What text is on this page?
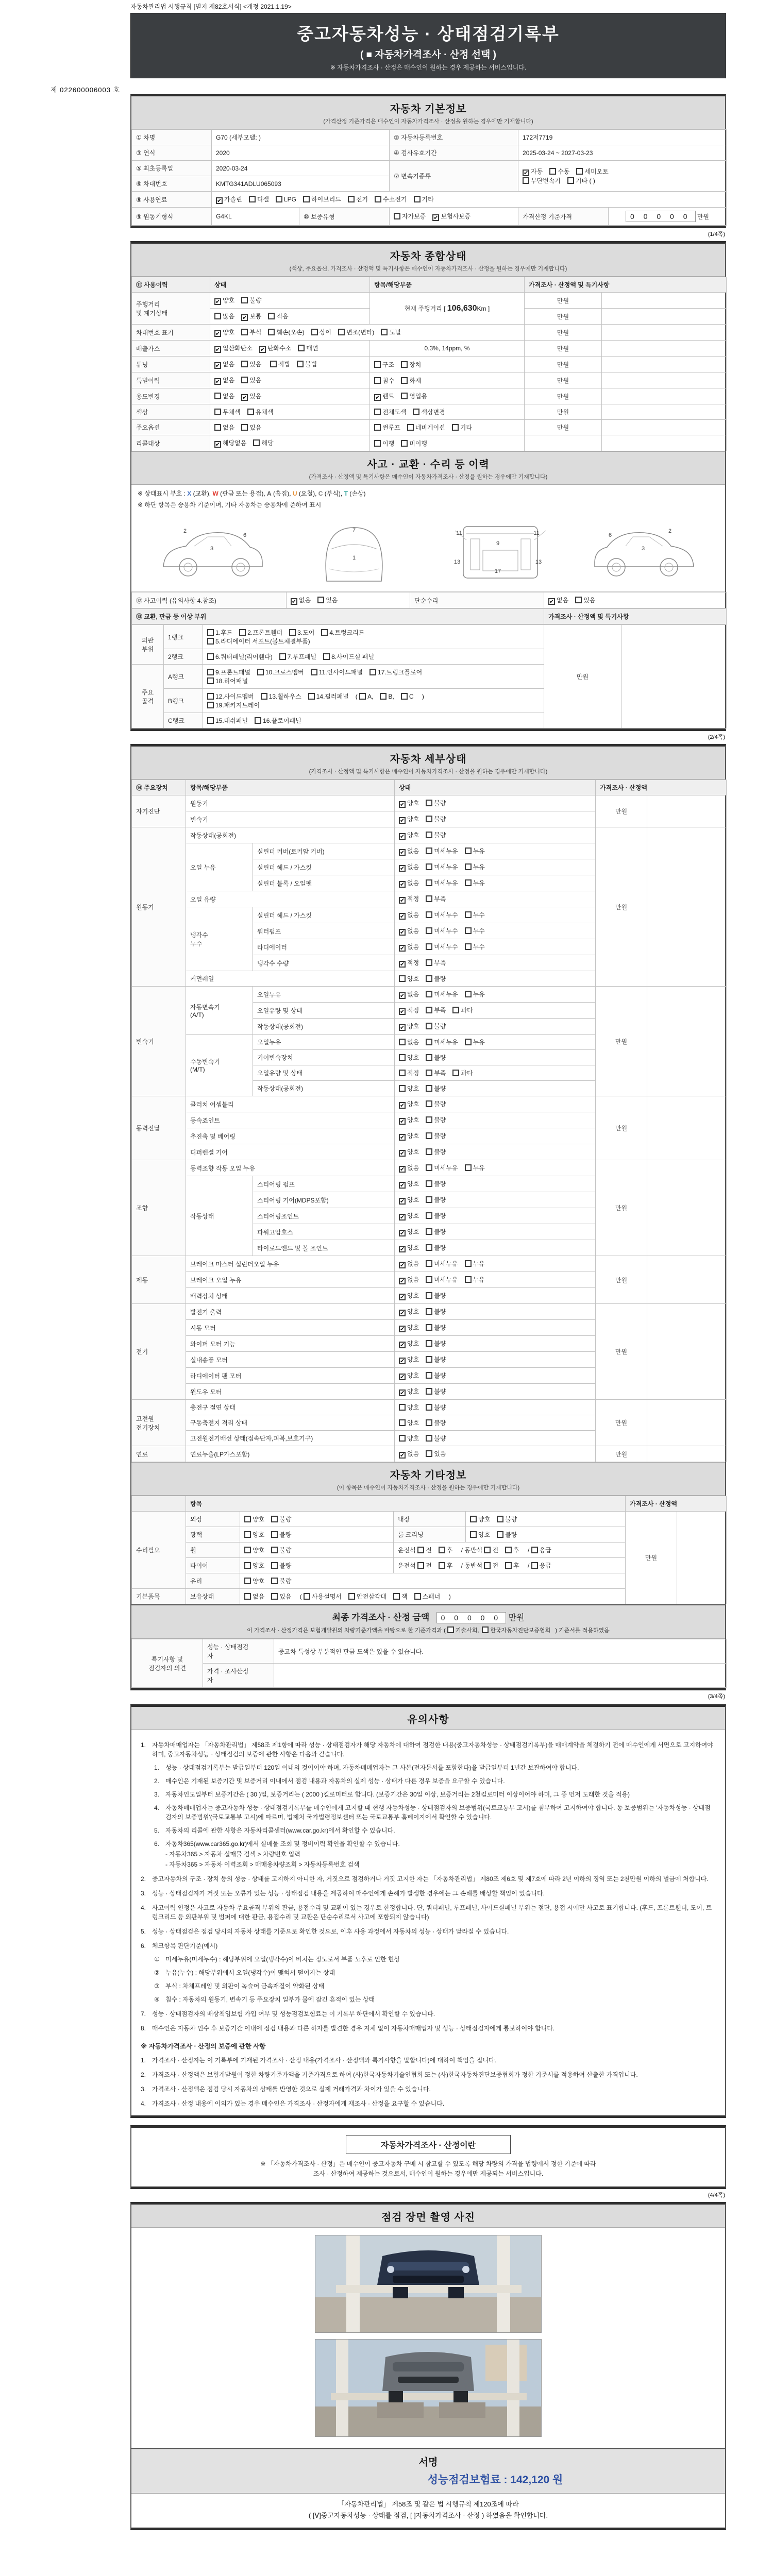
자동차관리법 시행규칙 [별지 제82호서식] <개정 2021.1.19>
제 022600006003 호
중고자동차성능 · 상태점검기록부
( ■ 자동차가격조사 · 산정 선택 )
※ 자동차가격조사 · 산정은 매수인이 원하는 경우 제공하는 서비스입니다.
자동차 기본정보
(가격산정 기준가격은 매수인이 자동차가격조사 · 산정을 원하는 경우에만 기재합니다)
① 차명	G70 (세부모델: )		② 자동차등록번호	172저7719	
③ 연식	2020		④ 검사유효기간	2025-03-24 ~ 2027-03-23	
⑤ 최초등록일	2020-03-24		⑦ 변속기종류	✔ 자동 수동 세미오토
무단변속기 기타 ( )	
⑥ 차대번호	KMTG341ADLU065093				
⑧ 사용연료	✔ 가솔린 디젤 LPG 하이브리드 전기 수소전기 기타				
⑨ 원동기형식	G4KL	⑩ 보증유형	자가보증 ✔ 보험사보증	가격산정 기준가격	0 0 0 0 0 만원
(1/4쪽)
자동차 종합상태
(색상, 주요옵션, 가격조사 · 산정액 및 특기사항은 매수인이 자동차가격조사 · 산정을 원하는 경우에만 기재합니다)
⑪ 사용이력	상태	항목/해당부품	가격조사 · 산정액 및 특기사항	
주행거리
및 계기상태	✔ 양호 불량	현재 주행거리 [ 106,630Km ]	만원	
	많음 ✔ 보통 적음		만원	
차대번호 표기	✔ 양호 부식 훼손(오손) 상이 변조(변타) 도말		만원	
배출가스	✔ 일산화탄소 ✔ 탄화수소 매연	0.3%, 14ppm, %	만원	
튜닝	✔ 없음 있음 적법 불법	구조 장치	만원	
특별이력	✔ 없음 있음	침수 화재	만원	
용도변경	없음 ✔ 있음	✔ 렌트 영업용	만원	
색상	무채색 유채색	전체도색 색상변경	만원	
주요옵션	없음 있음	썬루프 네비게이션 기타	만원	
리콜대상	✔ 해당없음 해당	이행 미이행		
사고 · 교환 · 수리 등 이력
(가격조사 · 산정액 및 특기사항은 매수인이 자동차가격조사 · 산정을 원하는 경우에만 기재합니다)
※ 상태표시 부호 : X (교환), W (판금 또는 용접), A (흠집), U (요철), C (부식), T (손상)
※ 하단 항목은 승용차 기준이며, 기타 자동차는 승용차에 준하여 표시
2
3
6
1
7	11	11
13	13
9
17
2
3
6
⑫ 사고이력 (유의사항 4.참조)	✔ 없음 있음	단순수리	✔ 없음 있음
⑬ 교환, 판금 등 이상 부위	가격조사 · 산정액 및 특기사항
외판
부위	1랭크	1.후드 2.프론트휀더 3.도어 4.트렁크리드
5.라디에이터 서포트(볼트체결부품)	만원	
	2랭크	6.쿼터패널(리어휀다) 7.루프패널 8.사이드실 패널		
주요
골격	A랭크	9.프론트패널 10.크로스멤버 11.인사이드패널 17.트렁크플로어
18.리어패널		
	B랭크	12.사이드멤버 13.휠하우스 14.필러패널 ( A, B, C )
19.패키지트레이		
	C랭크	15.대쉬패널 16.플로어패널		
(2/4쪽)
자동차 세부상태
(가격조사 · 산정액 및 특기사항은 매수인이 자동차가격조사 · 산정을 원하는 경우에만 기재합니다)
⑭ 주요장치	항목/해당부품		상태	가격조사 · 산정액	
자기진단	원동기		✔ 양호 불량	만원	
	변속기		✔ 양호 불량		
원동기	작동상태(공회전)		✔ 양호 불량	만원	
	오일 누유	실린더 커버(로커암 커버)	✔ 없음 미세누유 누유		
		실린더 헤드 / 가스킷	✔ 없음 미세누유 누유		
		실린더 블록 / 오일팬	✔ 없음 미세누유 누유		
	오일 유량		✔ 적정 부족		
	냉각수
누수	실린더 헤드 / 가스킷	✔ 없음 미세누수 누수		
		워터펌프	✔ 없음 미세누수 누수		
		라디에이터	✔ 없음 미세누수 누수		
		냉각수 수량	✔ 적정 부족		
	커먼레일		양호 불량		
변속기	자동변속기
(A/T)	오일누유	✔ 없음 미세누유 누유	만원	
		오일유량 및 상태	✔ 적정 부족 과다		
		작동상태(공회전)	✔ 양호 불량		
	수동변속기
(M/T)	오일누유	없음 미세누유 누유		
		기어변속장치	양호 불량		
		오일유량 및 상태	적정 부족 과다		
		작동상태(공회전)	양호 불량		
동력전달	클러치 어셈블리		✔ 양호 불량	만원	
	등속죠인트		✔ 양호 불량		
	추진축 및 베어링		✔ 양호 불량		
	디퍼렌셜 기어		✔ 양호 불량		
조향	동력조향 작동 오일 누유		✔ 없음 미세누유 누유	만원	
	작동상태	스티어링 펌프	✔ 양호 불량		
		스티어링 기어(MDPS포함)	✔ 양호 불량		
		스티어링조인트	✔ 양호 불량		
		파워고압호스	✔ 양호 불량		
		타이로드엔드 및 볼 조인트	✔ 양호 불량		
제동	브레이크 마스터 실린더오일 누유		✔ 없음 미세누유 누유	만원	
	브레이크 오일 누유		✔ 없음 미세누유 누유		
	배력장치 상태		✔ 양호 불량		
전기	발전기 출력		✔ 양호 불량	만원	
	시동 모터		✔ 양호 불량		
	와이퍼 모터 기능		✔ 양호 불량		
	실내송풍 모터		✔ 양호 불량		
	라디에이터 팬 모터		✔ 양호 불량		
	윈도우 모터		✔ 양호 불량		
고전원
전기장치	충전구 절연 상태		양호 불량	만원	
	구동축전지 격리 상태		양호 불량		
	고전원전기배선 상태(접속단자,피복,보호기구)		양호 불량		
연료	연료누출(LP가스포함)		✔ 없음 있음	만원	
자동차 기타정보
(이 항목은 매수인이 자동차가격조사 · 산정을 원하는 경우에만 기재합니다)
	항목				가격조사 · 산정액	
수리필요	외장	양호 불량	내장	양호 불량	만원	
	광택	양호 불량	룸 크리닝	양호 불량		
	휠	양호 불량	운전석 전 후 / 동반석 전 후 / 응급			
	타이어	양호 불량	운전석 전 후 / 동반석 전 후 / 응급			
	유리	양호 불량				
기본품목	보유상태	없음 있음 ( 사용설명서 안전삼각대 잭 스패너 )				
최종 가격조사 · 산정 금액 0 0 0 0 0 만원
이 가격조사 · 산정가격은 보험개발원의 차량기준가액을 바탕으로 한 기준가격과 ( 기술사회, 한국자동차진단보증협회 ) 기준서를 적용하였음
특기사항 및
점검자의 의견	성능 · 상태점검
자	중고차 특성상 부분적인 판금 도색은 있을 수 있습니다.
	가격 · 조사산정
자	
(3/4쪽)
유의사항
1. 자동차매매업자는 「자동차관리법」 제58조 제1항에 따라 성능 · 상태점검자가 해당 자동차에 대하여 점검한 내용(중고자동차성능 · 상태점검기록부)을 매매계약을 체결하기 전에 매수인에게 서면으로 고지하여야 하며, 중고자동차성능 · 상태점검의 보증에 관한 사항은 다음과 같습니다.
1. 성능 · 상태점검기록부는 발급일부터 120일 이내의 것이어야 하며, 자동차매매업자는 그 사본(전자문서를 포함한다)을 발급일부터 1년간 보관하여야 합니다.
2. 매수인은 기재된 보증기간 및 보증거리 이내에서 점검 내용과 자동차의 실제 성능 · 상태가 다른 경우 보증을 요구할 수 있습니다.
3. 자동차인도일부터 보증기간은 ( 30 )일, 보증거리는 ( 2000 )킬로미터로 합니다. (보증기간은 30일 이상, 보증거리는 2천킬로미터 이상이어야 하며, 그 중 먼저 도래한 것을 적용)
4. 자동차매매업자는 중고자동차 성능 · 상태점검기록부를 매수인에게 고지할 때 현행 자동차성능 · 상태점검자의 보증범위(국토교통부 고시)를 첨부하여 고지하여야 합니다. 동 보증범위는 '자동차성능 · 상태점검자의 보증범위'(국토교통부 고시)에 따르며, 법제처 국가법령정보센터 또는 국토교통부 홈페이지에서 확인할 수 있습니다.
5. 자동차의 리콜에 관한 사항은 자동차리콜센터(www.car.go.kr)에서 확인할 수 있습니다.
6. 자동차365(www.car365.go.kr)에서 실매물 조회 및 정비이력 확인을 확인할 수 있습니다.
- 자동차365 > 자동차 실매물 검색 > 차량번호 입력
- 자동차365 > 자동차 이력조회 > 매매용차량조회 > 자동차등록번호 검색
2. 중고자동차의 구조 · 장치 등의 성능 · 상태를 고지하지 아니한 자, 거짓으로 점검하거나 거짓 고지한 자는 「자동차관리법」 제80조 제6호 및 제7호에 따라 2년 이하의 징역 또는 2천만원 이하의 벌금에 처합니다.
3. 성능 · 상태점검자가 거짓 또는 오류가 있는 성능 · 상태점검 내용을 제공하여 매수인에게 손해가 발생한 경우에는 그 손해를 배상할 책임이 있습니다.
4. 사고이력 인정은 사고로 자동차 주요골격 부위의 판금, 용접수리 및 교환이 있는 경우로 한정합니다. 단, 쿼터패널, 루프패널, 사이드실패널 부위는 절단, 용접 시에만 사고로 표기합니다. (후드, 프론트휀더, 도어, 트렁크리드 등 외판부위 및 범퍼에 대한 판금, 용접수리 및 교환은 단순수리로서 사고에 포함되지 않습니다)
5. 성능 · 상태점검은 점검 당시의 자동차 상태를 기준으로 확인한 것으로, 이후 사용 과정에서 자동차의 성능 · 상태가 달라질 수 있습니다.
6. 체크항목 판단기준(예시)
① 미세누유(미세누수) : 해당부위에 오일(냉각수)이 비치는 정도로서 부품 노후로 인한 현상
② 누유(누수) : 해당부위에서 오일(냉각수)이 맺혀서 떨어지는 상태
③ 부식 : 차체프레임 및 외판이 녹슬어 금속재질이 약화된 상태
④ 침수 : 자동차의 원동기, 변속기 등 주요장치 일부가 물에 잠긴 흔적이 있는 상태
7. 성능 · 상태점검자의 배상책임보험 가입 여부 및 성능점검보험료는 이 기록부 하단에서 확인할 수 있습니다.
8. 매수인은 자동차 인수 후 보증기간 이내에 점검 내용과 다른 하자를 발견한 경우 지체 없이 자동차매매업자 및 성능 · 상태점검자에게 통보하여야 합니다.
※ 자동차가격조사 · 산정의 보증에 관한 사항
1. 가격조사 · 산정자는 이 기록부에 기재된 가격조사 · 산정 내용(가격조사 · 산정액과 특기사항을 말합니다)에 대하여 책임을 집니다.
2. 가격조사 · 산정액은 보험개발원이 정한 차량기준가액을 기준가격으로 하여 (사)한국자동차기술인협회 또는 (사)한국자동차진단보증협회가 정한 기준서를 적용하여 산출한 가격입니다.
3. 가격조사 · 산정액은 점검 당시 자동차의 상태를 반영한 것으로 실제 거래가격과 차이가 있을 수 있습니다.
4. 가격조사 · 산정 내용에 이의가 있는 경우 매수인은 가격조사 · 산정자에게 재조사 · 산정을 요구할 수 있습니다.
자동차가격조사 · 산정이란
※ 「자동차가격조사 · 산정」은 매수인이 중고자동차 구매 시 참고할 수 있도록 해당 차량의 가격을 법령에서 정한 기준에 따라
조사 · 산정하여 제공하는 것으로서, 매수인이 원하는 경우에만 제공되는 서비스입니다.
(4/4쪽)
점검 장면 촬영 사진
서명
성능점검보험료 : 142,120 원
「자동차관리법」 제58조 및 같은 법 시행규칙 제120조에 따라
( [Ⅴ]중고자동차성능 · 상태를 점검, [ ]자동차가격조사 · 산정 ) 하였음을 확인합니다.
